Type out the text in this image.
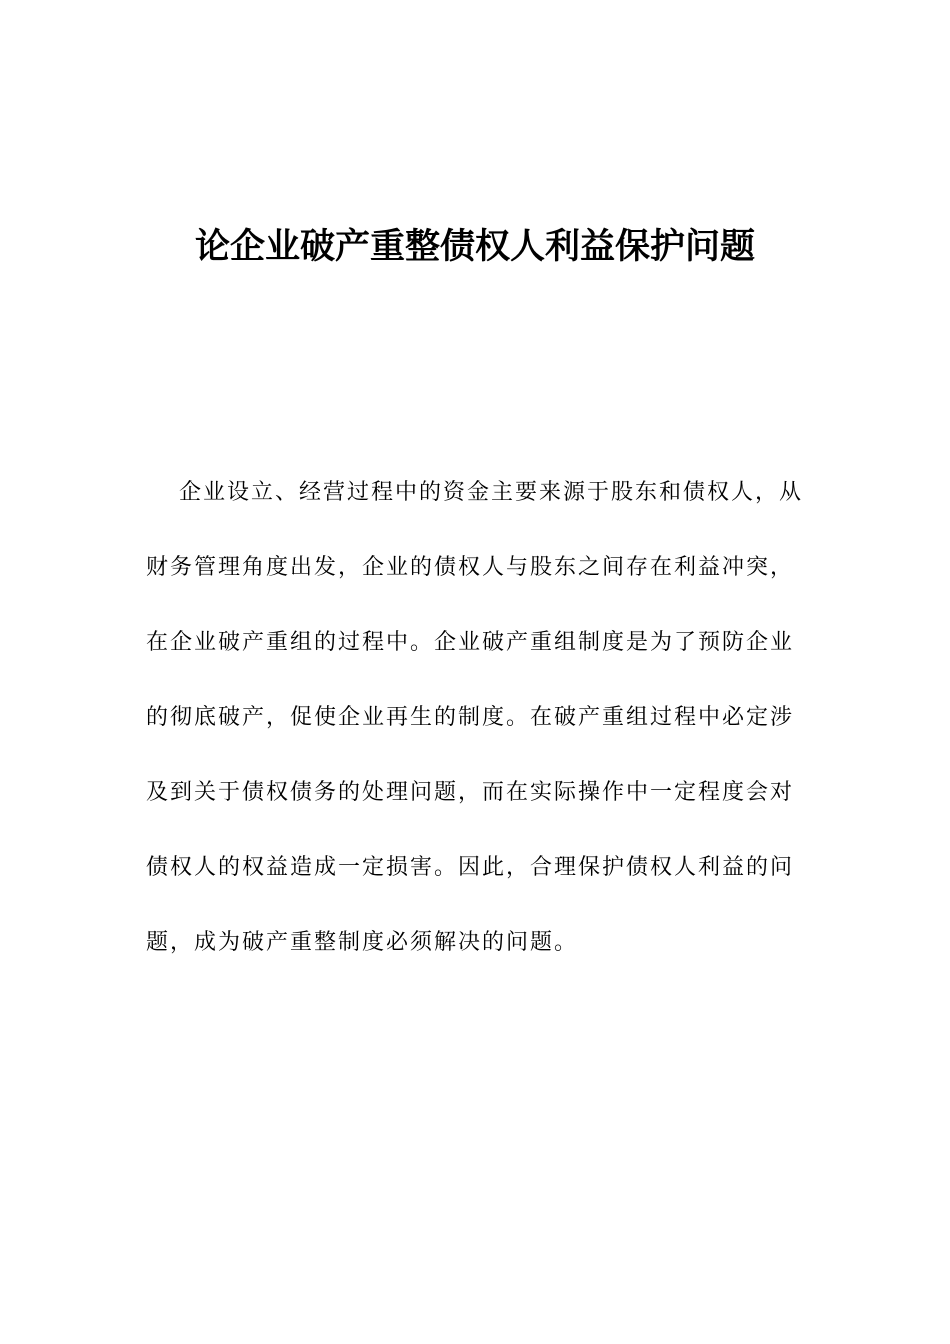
论企业破产重整债权人利益保护问题
企业设立、经营过程中的资金主要来源于股东和债权人，从
财务管理角度出发，企业的债权人与股东之间存在利益冲突，
在企业破产重组的过程中。企业破产重组制度是为了预防企业
的彻底破产，促使企业再生的制度。在破产重组过程中必定涉
及到关于债权债务的处理问题，而在实际操作中一定程度会对
债权人的权益造成一定损害。因此，合理保护债权人利益的问
题，成为破产重整制度必须解决的问题。
